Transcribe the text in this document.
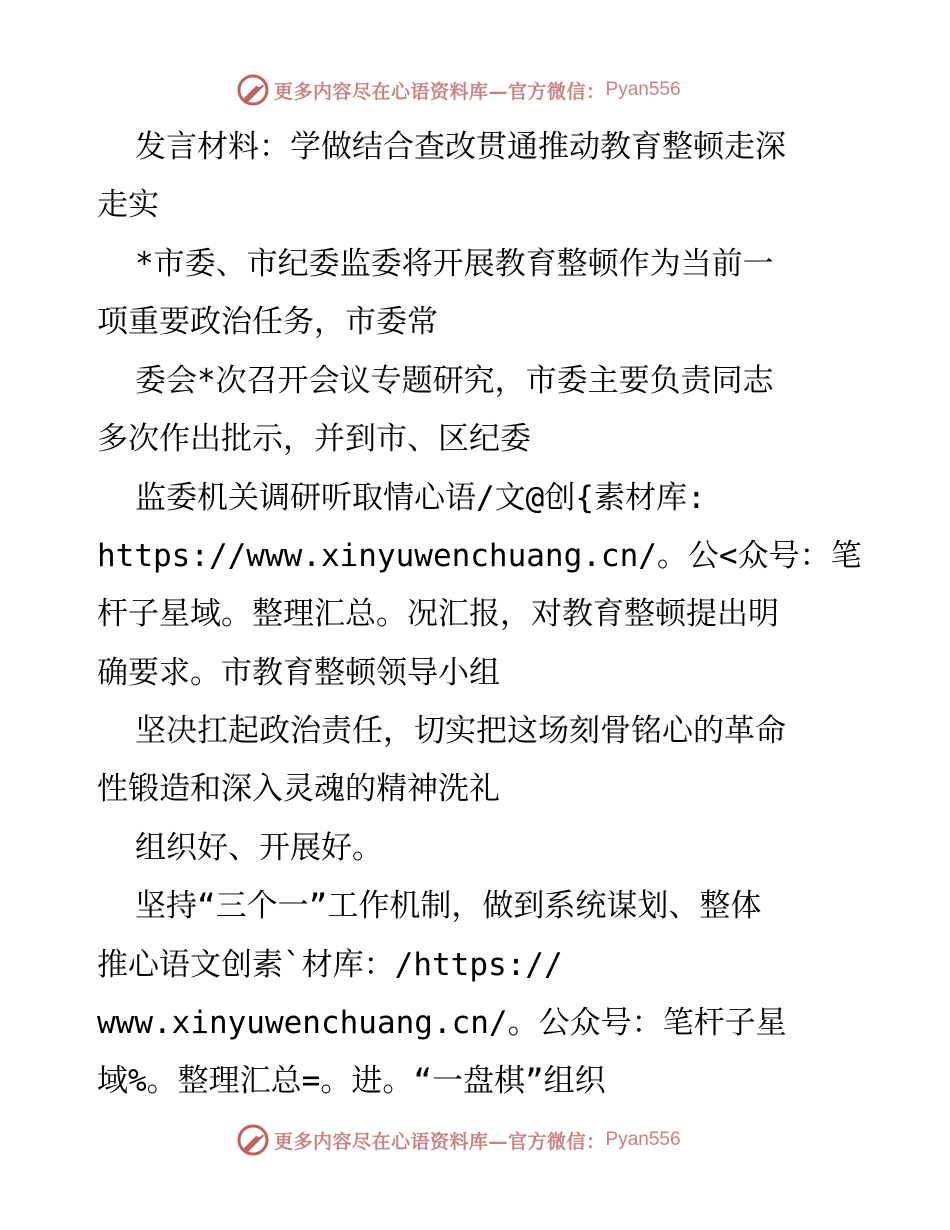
更多内容尽在心语资料库—官方微信： Pyan556
发言材料：学做结合查改贯通推动教育整顿走深
走实
*市委、市纪委监委将开展教育整顿作为当前一
项重要政治任务，市委常
委会*次召开会议专题研究，市委主要负责同志
多次作出批示，并到市、区纪委
监委机关调研听取情心语/文@创{素材库:
https://www.xinyuwenchuang.cn/。公<众号：笔
杆子星域。整理汇总。况汇报，对教育整顿提出明
确要求。市教育整顿领导小组
坚决扛起政治责任，切实把这场刻骨铭心的革命
性锻造和深入灵魂的精神洗礼
组织好、开展好。
坚持“三个一”工作机制，做到系统谋划、整体
推心语文创素`材库：/https://
www.xinyuwenchuang.cn/。公众号：笔杆子星
域%。整理汇总=。进。“一盘棋”组织
更多内容尽在心语资料库—官方微信： Pyan556
